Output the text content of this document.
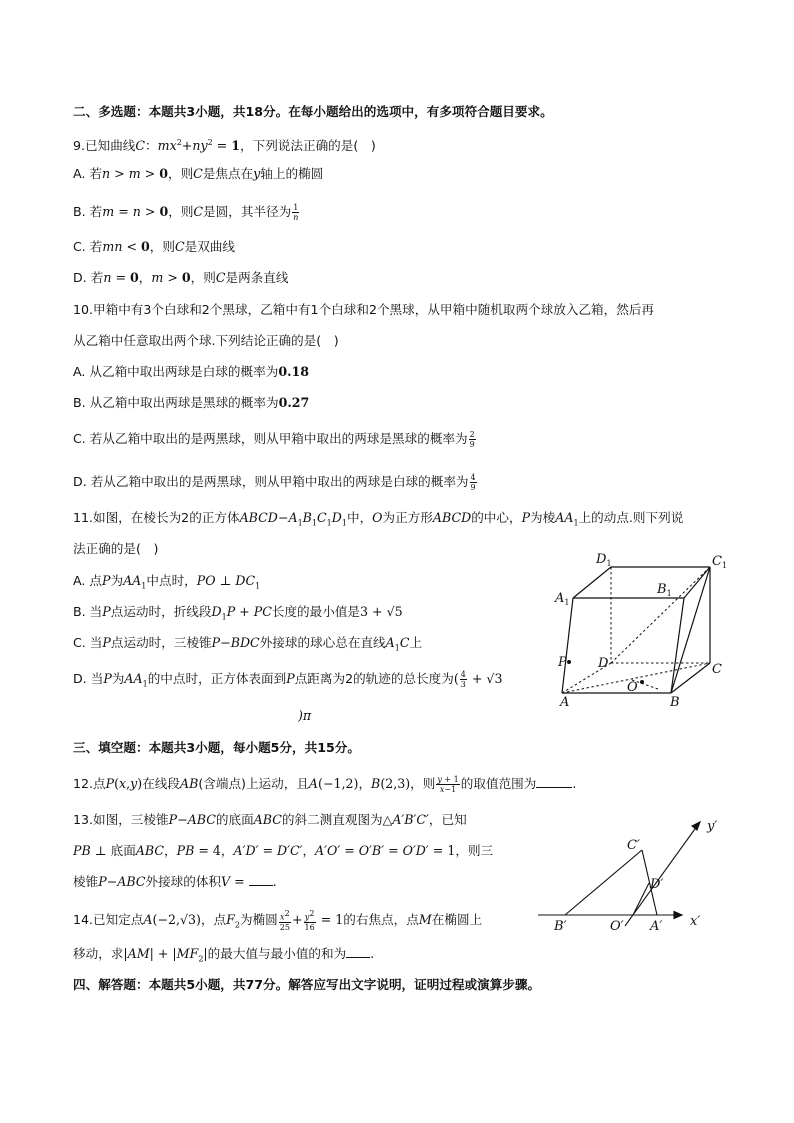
二、多选题：本题共3小题，共18分。在每小题给出的选项中，有多项符合题目要求。
9.已知曲线C：$mx^2+ny^2 = 1$，下列说法正确的是(　)
A. 若n > m > 0，则C是焦点在y轴上的椭圆
B. 若m = n > 0，则C是圆，其半径为 $\frac{1}{n}$
C. 若mn < 0，则C是双曲线
D. 若n = 0，m > 0，则C是两条直线
10.甲箱中有3个白球和2个黑球，乙箱中有1个白球和2个黑球，从甲箱中随机取两个球放入乙箱，然后再
从乙箱中任意取出两个球.下列结论正确的是(　)
A. 从乙箱中取出两球是白球的概率为0.18
B. 从乙箱中取出两球是黑球的概率为0.27
C. 若从乙箱中取出的是两黑球，则从甲箱中取出的两球是黑球的概率为 $\frac{2}{9}$
D. 若从乙箱中取出的是两黑球，则从甲箱中取出的两球是白球的概率为 $\frac{4}{9}$
11.如图，在棱长为2的正方体$ABCD-A_1B_1C_1D_1$中，O为正方形ABCD的中心，P为棱$AA_1$上的动点.则下列说
法正确的是(　)
A. 点P为$AA_1$中点时，PO ⊥ $DC_1$
B. 当P点运动时，折线段$D_1P$ + PC长度的最小值是3 + √5
C. 当P点运动时，三棱锥P−BDC外接球的球心总在直线$A_1C$上
D. 当P为$AA_1$的中点时，正方体表面到P点距离为2的轨迹的总长度为( $\frac{4}{3} + √3$
)π
$D_1$	$C_1$
$B_1$
$A_1$
P D	C
O
A	B
三、填空题：本题共3小题，每小题5分，共15分。
12.点P(x,y)在线段AB(含端点)上运动，且A(−1,2)，B(2,3)，则 $\frac{y + 1}{x-1}$ 的取值范围为	.
13.如图，三棱锥P−ABC的底面ABC的斜二测直观图为△A′B′C′，已知
PB ⊥ 底面ABC，PB = 4，A′D′ = D′C′，A′O′ = O′B′ = O′D′ = 1，则三
棱锥P−ABC外接球的体积V = .
y′
x′
C′
D′
B′	O′ A′
14.已知定点A(−2,√3)，点$F_2$为椭圆 $\frac{x^2}{25} + \frac{y^2}{16} = 1$的右焦点，点M在椭圆上
移动，求$|AM| + |MF_2|$的最大值与最小值的和为 .
四、解答题：本题共5小题，共77分。解答应写出文字说明，证明过程或演算步骤。
